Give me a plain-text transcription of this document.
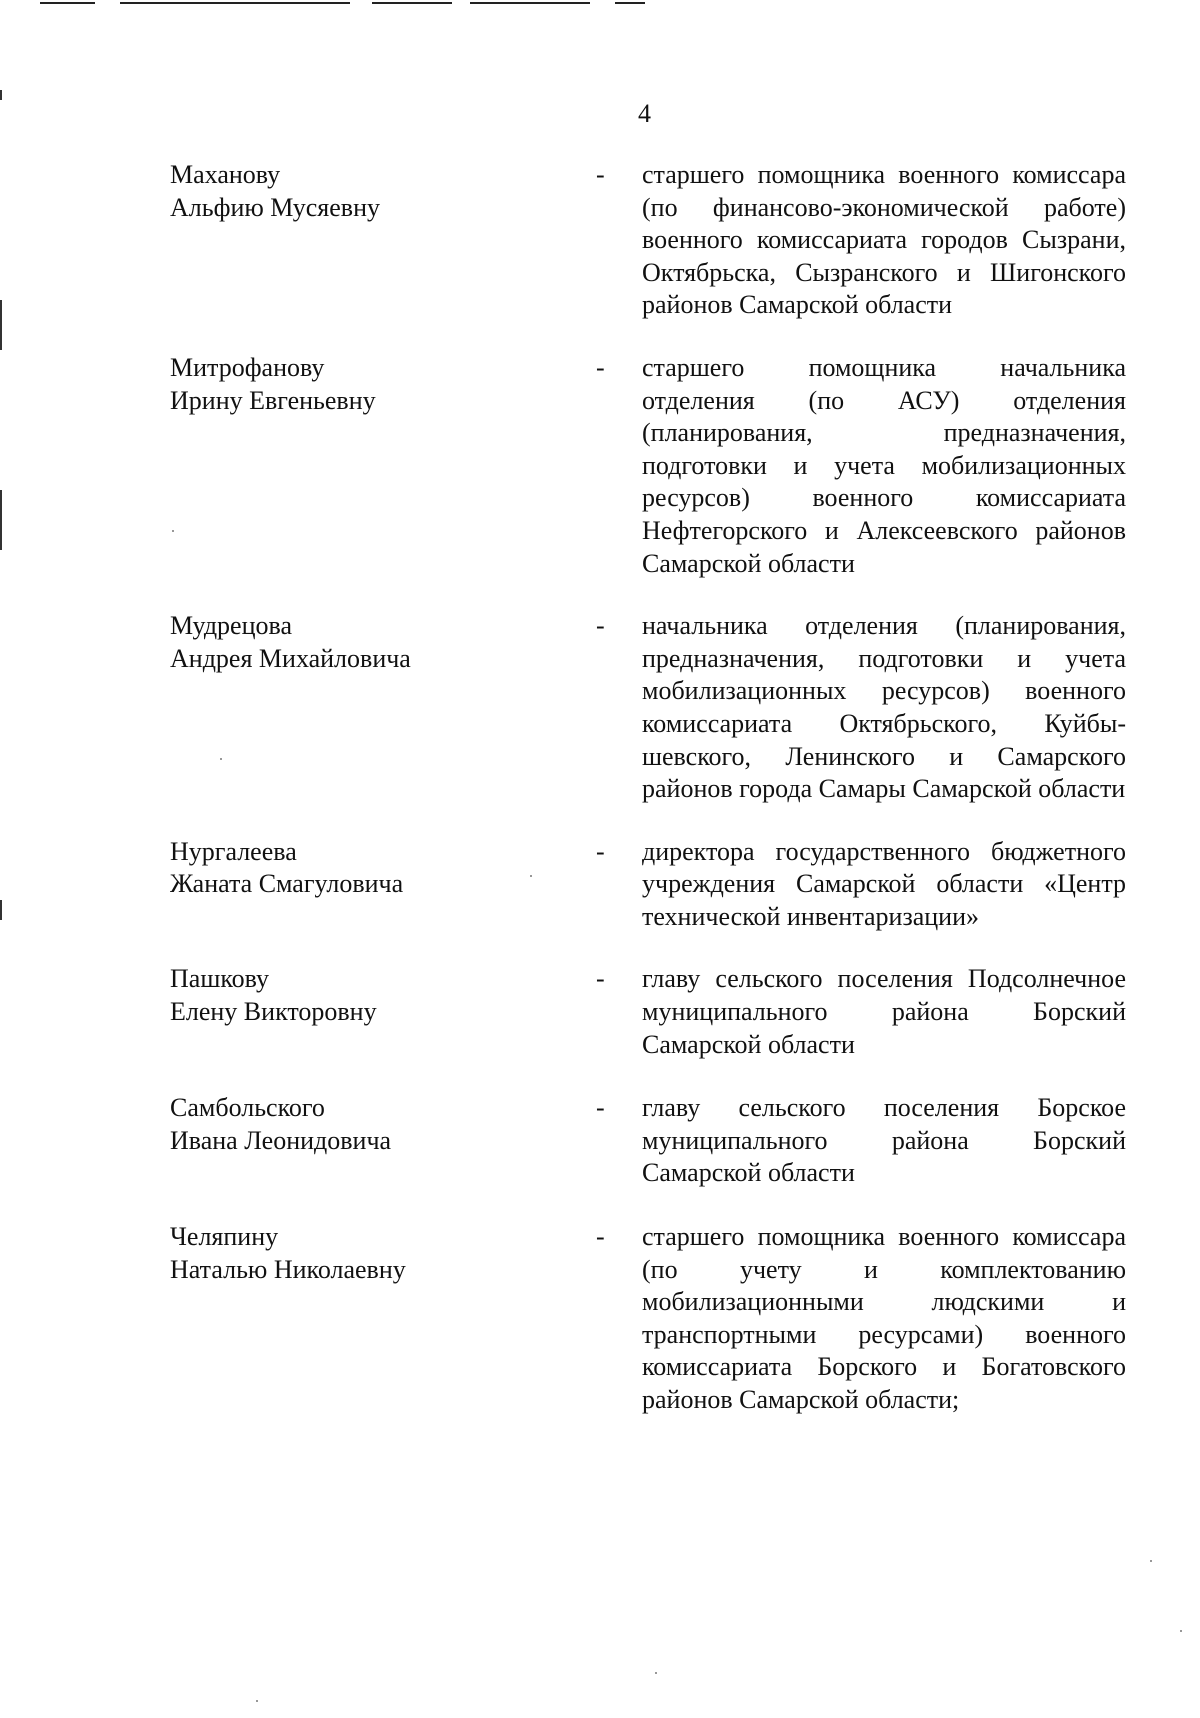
4
Маханову
Альфию Мусяевну
- старшего помощника военного комиссара (по финансово-экономической работе) военного комиссариата городов Сызрани, Октябрьска, Сызранского и Шигонского районов Самарской области
Митрофанову
Ирину Евгеньевну
- старшего помощника начальника отделения (по АСУ) отделения (планирования, предназначения, подготовки и учета мобилизационных ресурсов) военного комиссариата Нефтегорского и Алексеевского районов Самарской области
Мудрецова
Андрея Михайловича
- начальника отделения (планирования, предназначения, подготовки и учета мобилизационных ресурсов) военного комиссариата Октябрьского, Куйбышевского, Ленинского и Самарского районов города Самары Самарской области
Нургалеева
Жаната Смагуловича
- директора государственного бюджетного учреждения Самарской области «Центр технической инвентаризации»
Пашкову
Елену Викторовну
- главу сельского поселения Подсолнечное муниципального района Борский Самарской области
Самбольского
Ивана Леонидовича
- главу сельского поселения Борское муниципального района Борский Самарской области
Челяпину
Наталью Николаевну
- старшего помощника военного комиссара (по учету и комплектованию мобилизационными людскими и транспортными ресурсами) военного комиссариата Борского и Богатовского районов Самарской области;
